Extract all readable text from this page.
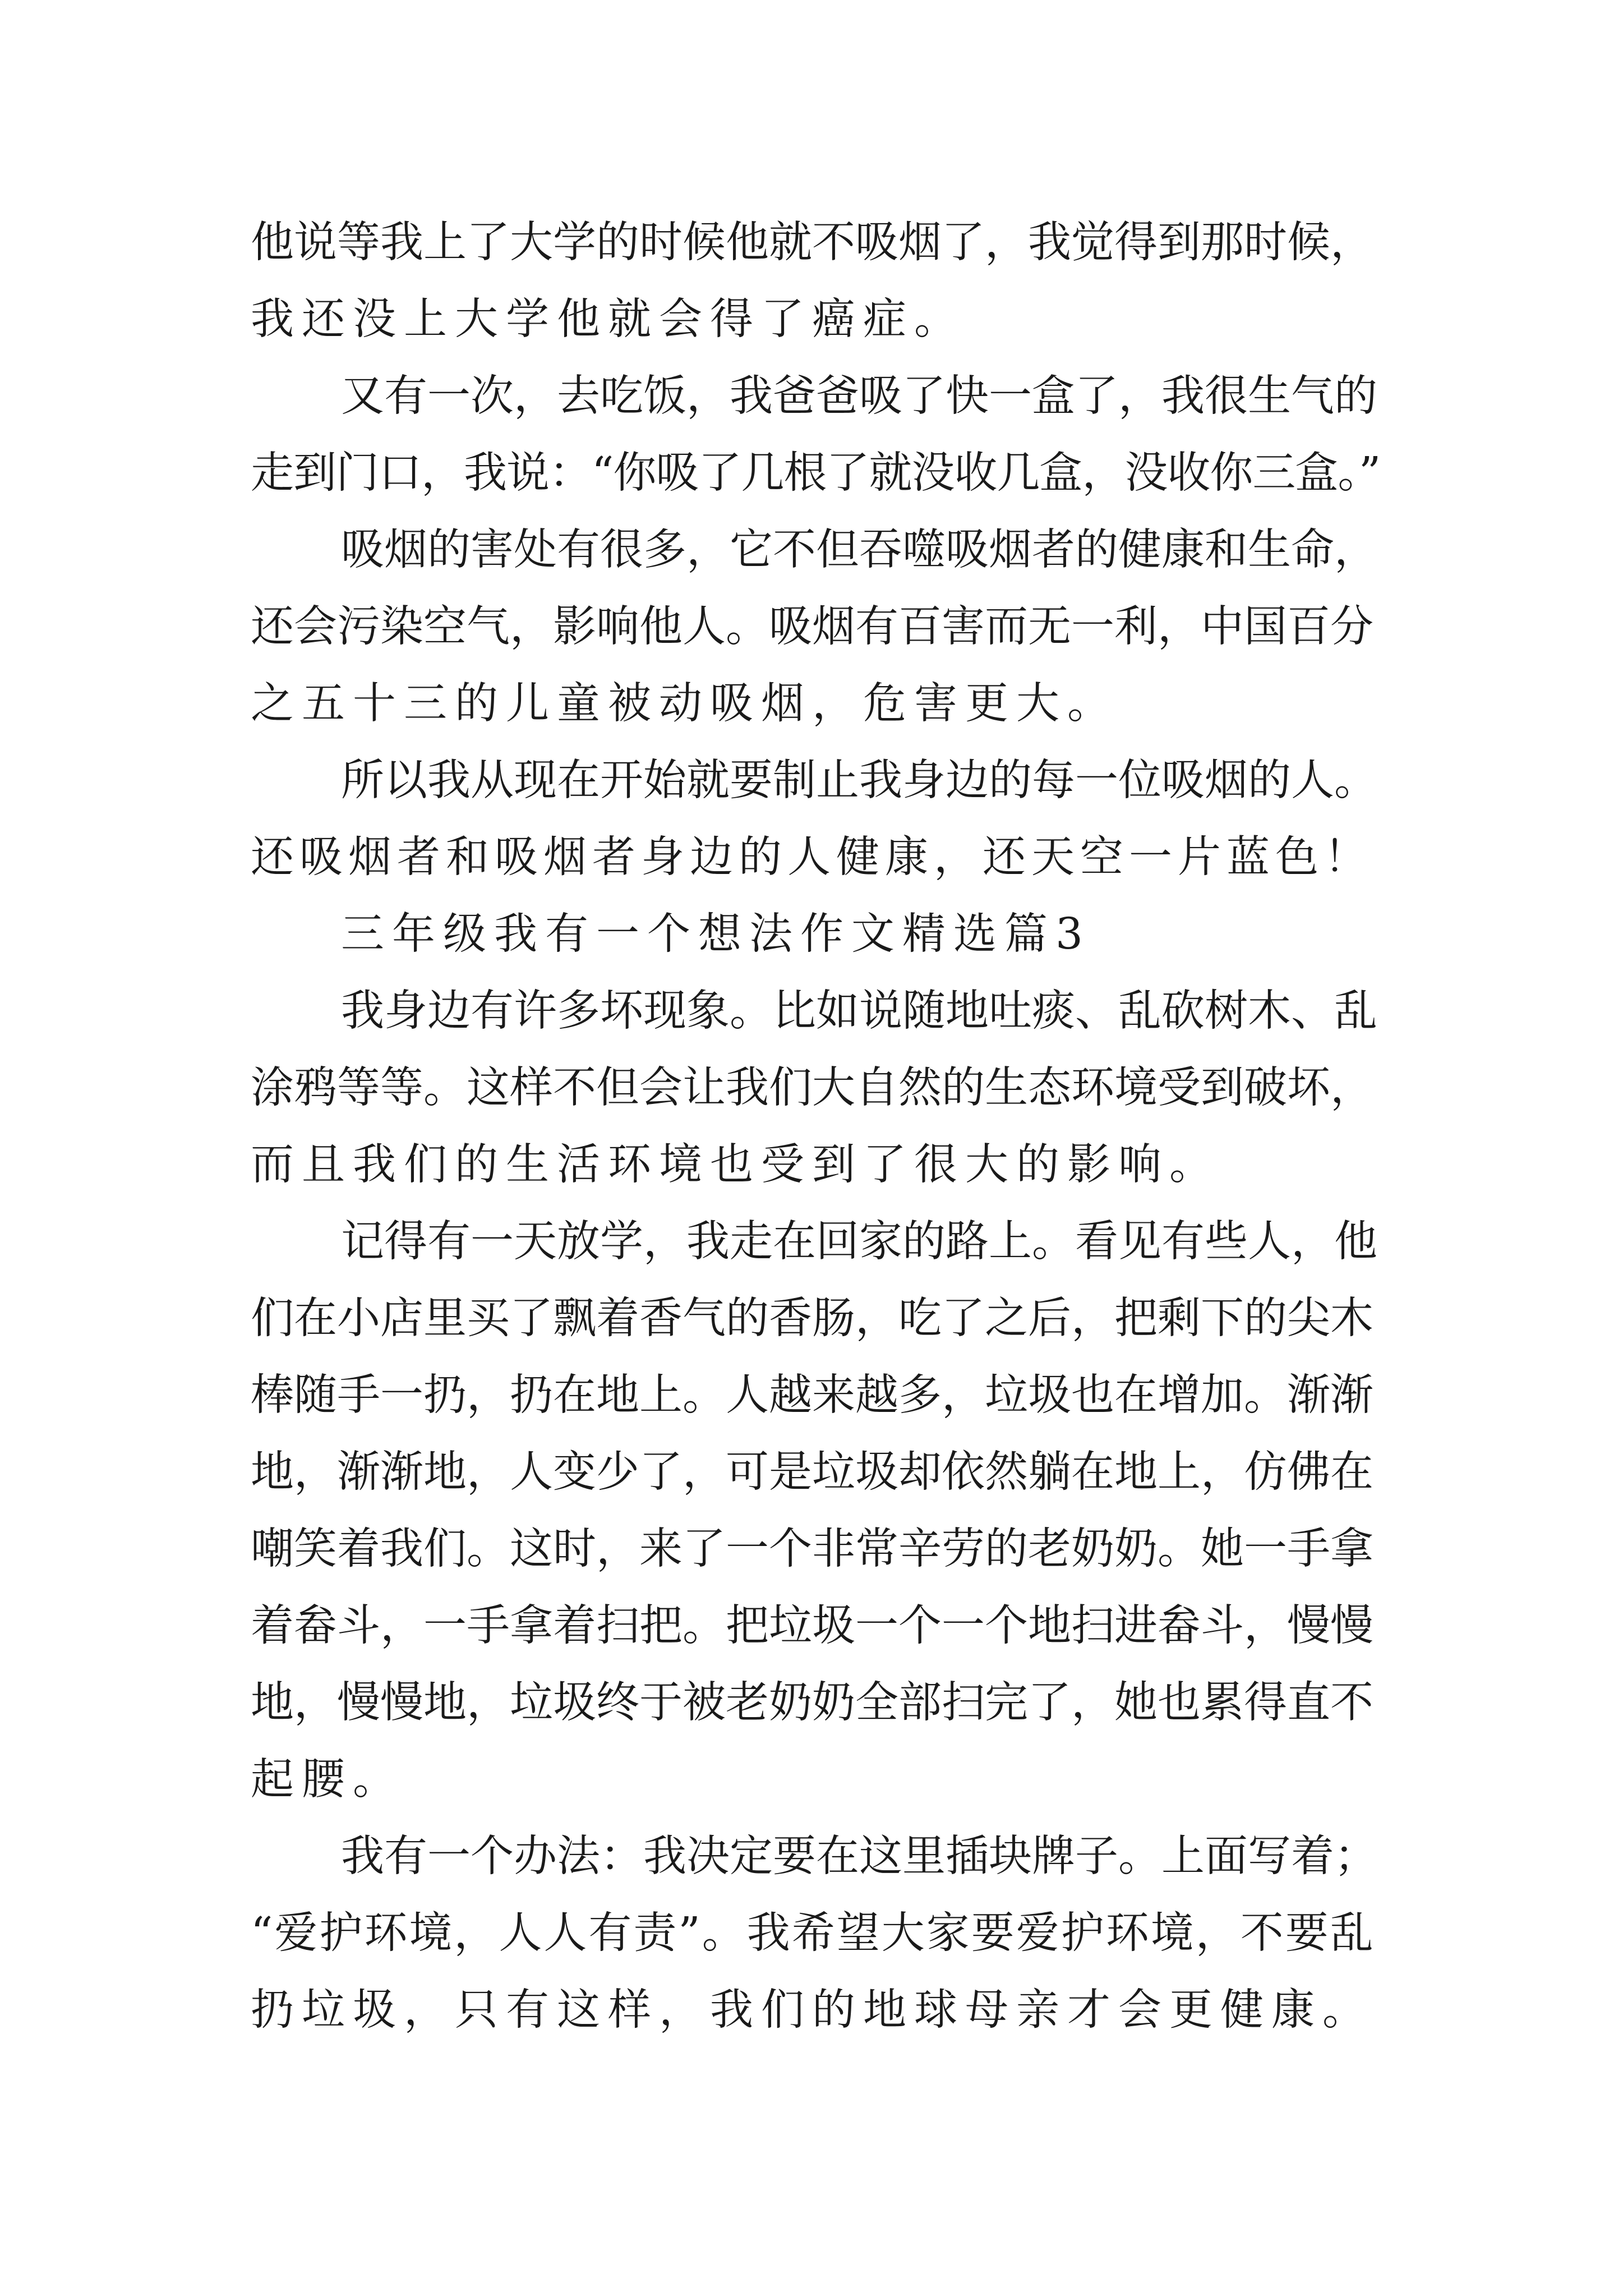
他说等我上了大学的时候他就不吸烟了，我觉得到那时候，

我还没上大学他就会得了癌症。

又有一次，去吃饭，我爸爸吸了快一盒了，我很生气的

走到门口，我说：“你吸了几根了就没收几盒，没收你三盒。”

吸烟的害处有很多，它不但吞噬吸烟者的健康和生命，

还会污染空气，影响他人。吸烟有百害而无一利，中国百分

之五十三的儿童被动吸烟，危害更大。

所以我从现在开始就要制止我身边的每一位吸烟的人。

还吸烟者和吸烟者身边的人健康，还天空一片蓝色！

三年级我有一个想法作文精选篇3

我身边有许多坏现象。比如说随地吐痰、乱砍树木、乱

涂鸦等等。这样不但会让我们大自然的生态环境受到破坏，

而且我们的生活环境也受到了很大的影响。

记得有一天放学，我走在回家的路上。看见有些人，他

们在小店里买了飘着香气的香肠，吃了之后，把剩下的尖木

棒随手一扔，扔在地上。人越来越多，垃圾也在增加。渐渐

地，渐渐地，人变少了，可是垃圾却依然躺在地上，仿佛在

嘲笑着我们。这时，来了一个非常辛劳的老奶奶。她一手拿

着畚斗，一手拿着扫把。把垃圾一个一个地扫进畚斗，慢慢

地，慢慢地，垃圾终于被老奶奶全部扫完了，她也累得直不

起腰。

我有一个办法：我决定要在这里插块牌子。上面写着；

“爱护环境，人人有责”。我希望大家要爱护环境，不要乱

扔垃圾，只有这样，我们的地球母亲才会更健康。
